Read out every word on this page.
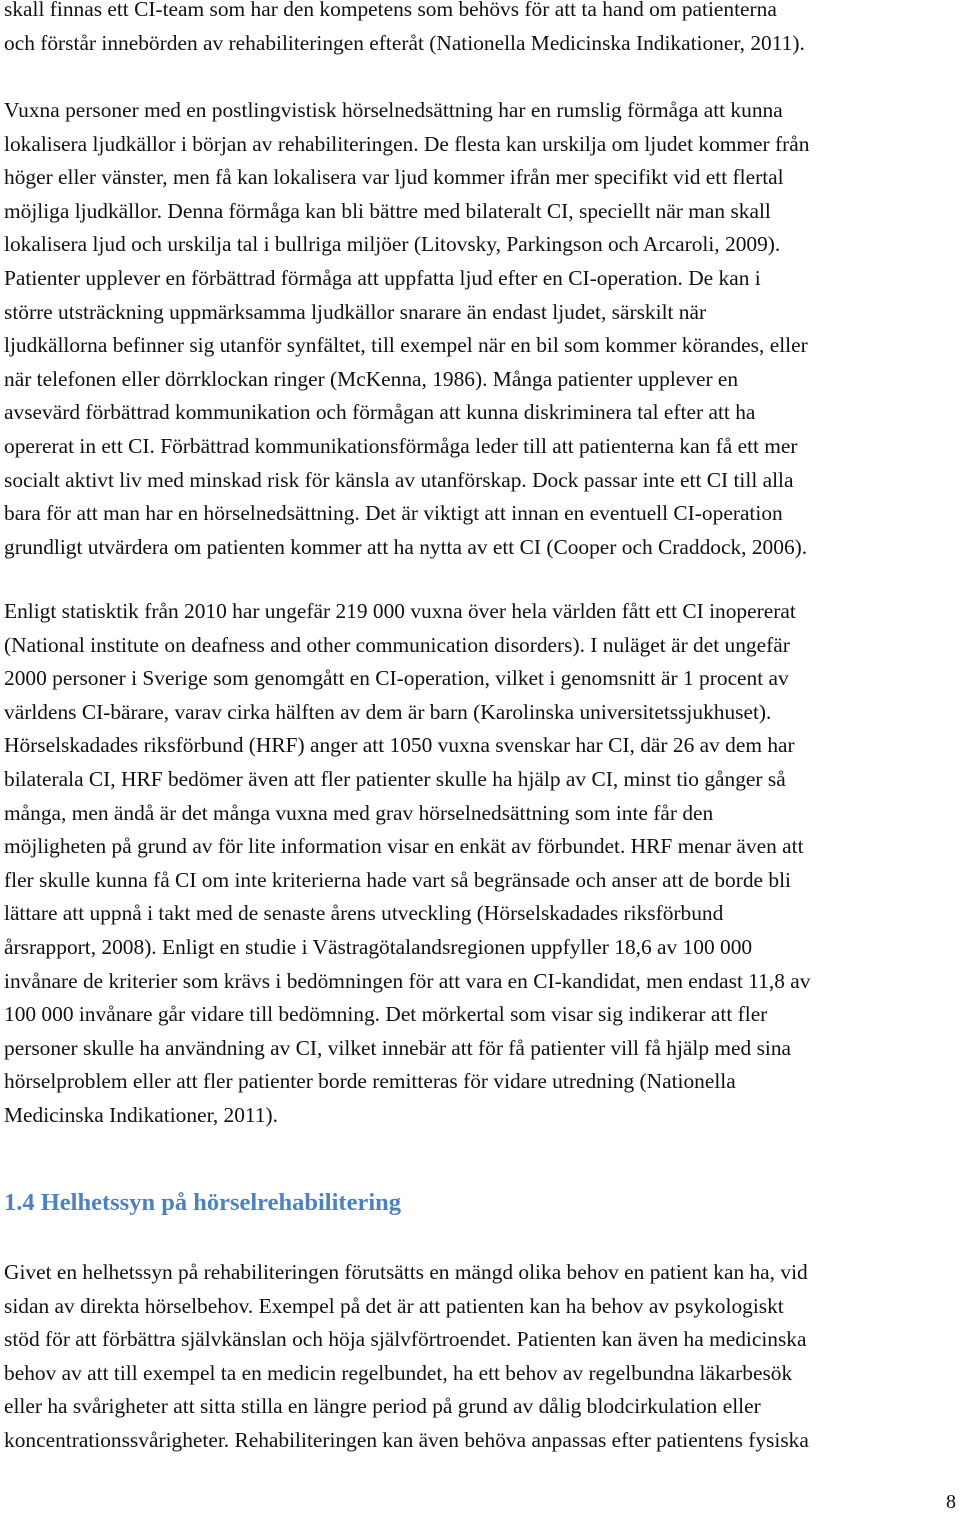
skall finnas ett CI-team som har den kompetens som behövs för att ta hand om patienterna
och förstår innebörden av rehabiliteringen efteråt (Nationella Medicinska Indikationer, 2011).

Vuxna personer med en postlingvistisk hörselnedsättning har en rumslig förmåga att kunna
lokalisera ljudkällor i början av rehabiliteringen. De flesta kan urskilja om ljudet kommer från
höger eller vänster, men få kan lokalisera var ljud kommer ifrån mer specifikt vid ett flertal
möjliga ljudkällor. Denna förmåga kan bli bättre med bilateralt CI, speciellt när man skall
lokalisera ljud och urskilja tal i bullriga miljöer (Litovsky, Parkingson och Arcaroli, 2009).
Patienter upplever en förbättrad förmåga att uppfatta ljud efter en CI-operation. De kan i
större utsträckning uppmärksamma ljudkällor snarare än endast ljudet, särskilt när
ljudkällorna befinner sig utanför synfältet, till exempel när en bil som kommer körandes, eller
när telefonen eller dörrklockan ringer (McKenna, 1986). Många patienter upplever en
avsevärd förbättrad kommunikation och förmågan att kunna diskriminera tal efter att ha
opererat in ett CI. Förbättrad kommunikationsförmåga leder till att patienterna kan få ett mer
socialt aktivt liv med minskad risk för känsla av utanförskap. Dock passar inte ett CI till alla
bara för att man har en hörselnedsättning. Det är viktigt att innan en eventuell CI-operation
grundligt utvärdera om patienten kommer att ha nytta av ett CI (Cooper och Craddock, 2006).

Enligt statisktik från 2010 har ungefär 219 000 vuxna över hela världen fått ett CI inopererat
(National institute on deafness and other communication disorders). I nuläget är det ungefär
2000 personer i Sverige som genomgått en CI-operation, vilket i genomsnitt är 1 procent av
världens CI-bärare, varav cirka hälften av dem är barn (Karolinska universitetssjukhuset).
Hörselskadades riksförbund (HRF) anger att 1050 vuxna svenskar har CI, där 26 av dem har
bilaterala CI, HRF bedömer även att fler patienter skulle ha hjälp av CI, minst tio gånger så
många, men ändå är det många vuxna med grav hörselnedsättning som inte får den
möjligheten på grund av för lite information visar en enkät av förbundet. HRF menar även att
fler skulle kunna få CI om inte kriterierna hade vart så begränsade och anser att de borde bli
lättare att uppnå i takt med de senaste årens utveckling (Hörselskadades riksförbund
årsrapport, 2008). Enligt en studie i Västragötalandsregionen uppfyller 18,6 av 100 000
invånare de kriterier som krävs i bedömningen för att vara en CI-kandidat, men endast 11,8 av
100 000 invånare går vidare till bedömning. Det mörkertal som visar sig indikerar att fler
personer skulle ha användning av CI, vilket innebär att för få patienter vill få hjälp med sina
hörselproblem eller att fler patienter borde remitteras för vidare utredning (Nationella
Medicinska Indikationer, 2011).

1.4 Helhetssyn på hörselrehabilitering

Givet en helhetssyn på rehabiliteringen förutsätts en mängd olika behov en patient kan ha, vid
sidan av direkta hörselbehov. Exempel på det är att patienten kan ha behov av psykologiskt
stöd för att förbättra självkänslan och höja självförtroendet. Patienten kan även ha medicinska
behov av att till exempel ta en medicin regelbundet, ha ett behov av regelbundna läkarbesök
eller ha svårigheter att sitta stilla en längre period på grund av dålig blodcirkulation eller
koncentrationssvårigheter. Rehabiliteringen kan även behöva anpassas efter patientens fysiska

8
